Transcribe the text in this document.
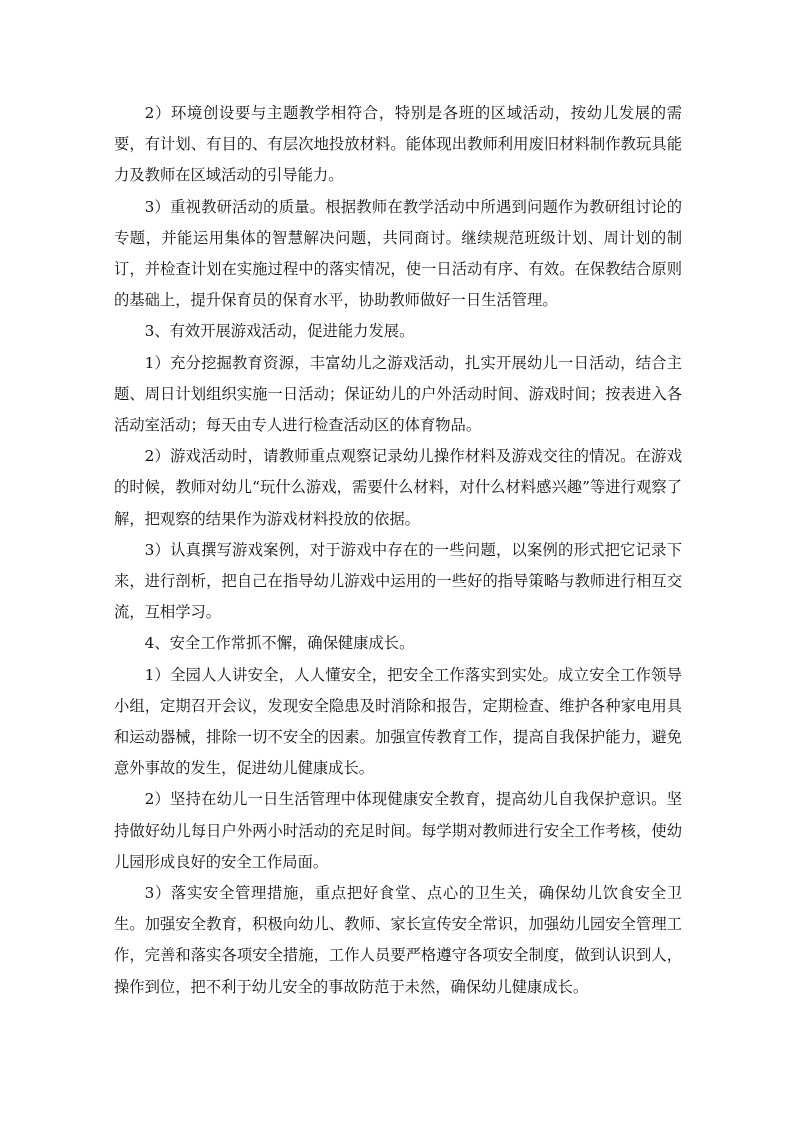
2）环境创设要与主题教学相符合，特别是各班的区域活动，按幼儿发展的需要，有计划、有目的、有层次地投放材料。能体现出教师利用废旧材料制作教玩具能力及教师在区域活动的引导能力。

3）重视教研活动的质量。根据教师在教学活动中所遇到问题作为教研组讨论的专题，并能运用集体的智慧解决问题，共同商讨。继续规范班级计划、周计划的制订，并检查计划在实施过程中的落实情况，使一日活动有序、有效。在保教结合原则的基础上，提升保育员的保育水平，协助教师做好一日生活管理。

3、有效开展游戏活动，促进能力发展。

1）充分挖掘教育资源，丰富幼儿之游戏活动，扎实开展幼儿一日活动，结合主题、周日计划组织实施一日活动；保证幼儿的户外活动时间、游戏时间；按表进入各活动室活动；每天由专人进行检查活动区的体育物品。

2）游戏活动时，请教师重点观察记录幼儿操作材料及游戏交往的情况。在游戏的时候，教师对幼儿“玩什么游戏，需要什么材料，对什么材料感兴趣”等进行观察了解，把观察的结果作为游戏材料投放的依据。

3）认真撰写游戏案例，对于游戏中存在的一些问题，以案例的形式把它记录下来，进行剖析，把自己在指导幼儿游戏中运用的一些好的指导策略与教师进行相互交流，互相学习。

4、安全工作常抓不懈，确保健康成长。

1）全园人人讲安全，人人懂安全，把安全工作落实到实处。成立安全工作领导小组，定期召开会议，发现安全隐患及时消除和报告，定期检查、维护各种家电用具和运动器械，排除一切不安全的因素。加强宣传教育工作，提高自我保护能力，避免意外事故的发生，促进幼儿健康成长。

2）坚持在幼儿一日生活管理中体现健康安全教育，提高幼儿自我保护意识。坚持做好幼儿每日户外两小时活动的充足时间。每学期对教师进行安全工作考核，使幼儿园形成良好的安全工作局面。

3）落实安全管理措施，重点把好食堂、点心的卫生关，确保幼儿饮食安全卫生。加强安全教育，积极向幼儿、教师、家长宣传安全常识，加强幼儿园安全管理工作，完善和落实各项安全措施，工作人员要严格遵守各项安全制度，做到认识到人，操作到位，把不利于幼儿安全的事故防范于未然，确保幼儿健康成长。
